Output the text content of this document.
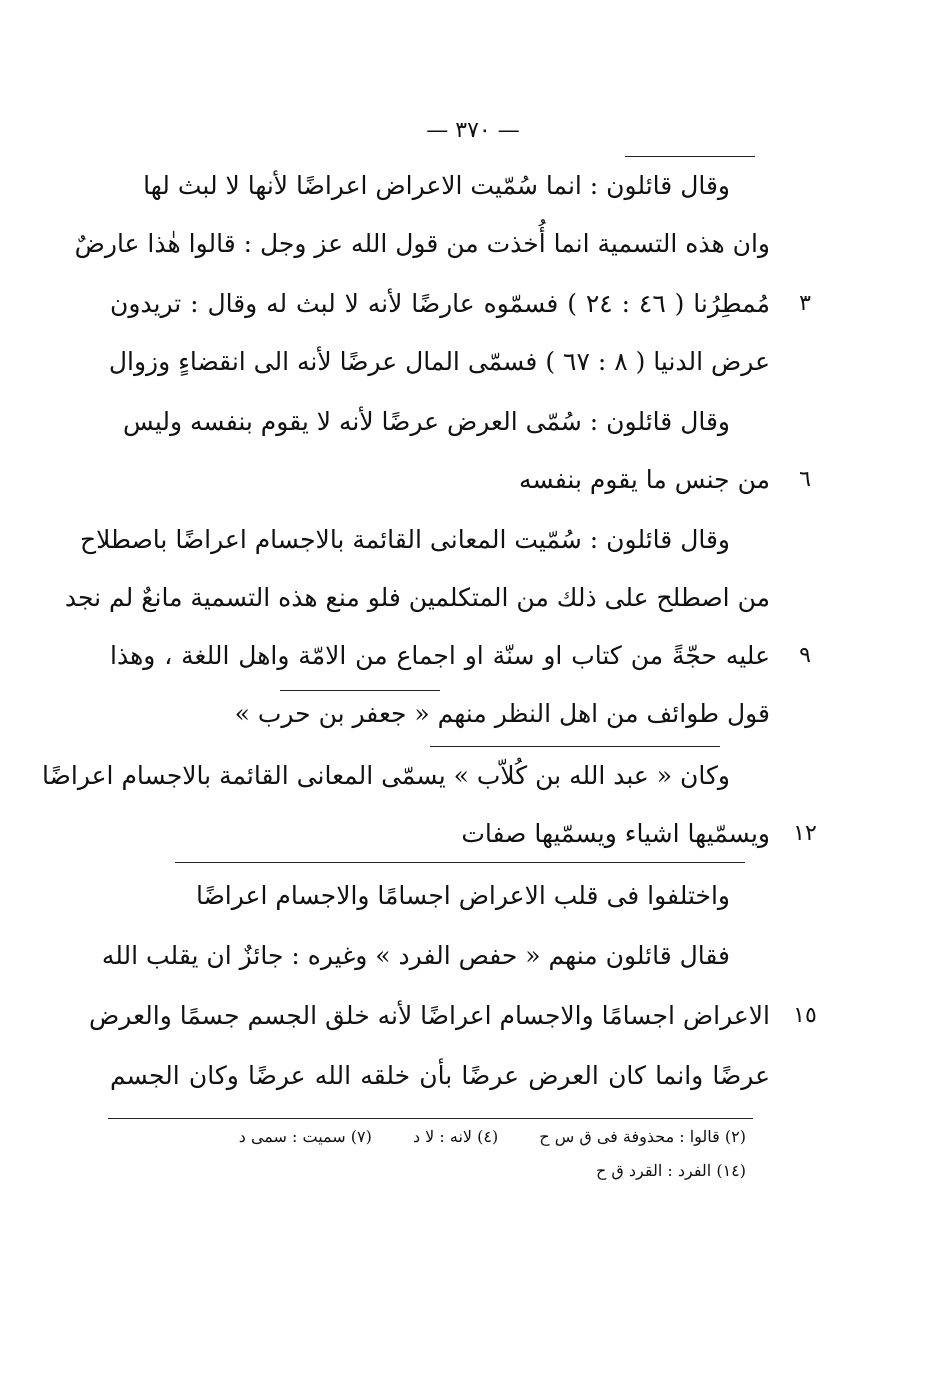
— ٣٧٠ —
وقال قائلون : انما سُمّيت الاعراض اعراضًا لأنها لا لبث لها
وان هذه التسمية انما أُخذت من قول الله عز وجل : قالوا هٰذا عارضٌ
مُمطِرُنا ( ٤٦ : ٢٤ ) فسمّوه عارضًا لأنه لا لبث له وقال : تريدون
عرض الدنيا ( ٨ : ٦٧ ) فسمّى المال عرضًا لأنه الى انقضاءٍ وزوال
وقال قائلون : سُمّى العرض عرضًا لأنه لا يقوم بنفسه وليس
من جنس ما يقوم بنفسه
وقال قائلون : سُمّيت المعانى القائمة بالاجسام اعراضًا باصطلاح
من اصطلح على ذلك من المتكلمين فلو منع هذه التسمية مانعٌ لم نجد
عليه حجّةً من كتاب او سنّة او اجماع من الامّة واهل اللغة ، وهذا
قول طوائف من اهل النظر منهم « جعفر بن حرب »
وكان « عبد الله بن كُلاّب » يسمّى المعانى القائمة بالاجسام اعراضًا
ويسمّيها اشياء ويسمّيها صفات
واختلفوا فى قلب الاعراض اجسامًا والاجسام اعراضًا
فقال قائلون منهم « حفص الفرد » وغيره : جائزٌ ان يقلب الله
الاعراض اجسامًا والاجسام اعراضًا لأنه خلق الجسم جسمًا والعرض
عرضًا وانما كان العرض عرضًا بأن خلقه الله عرضًا وكان الجسم
٣
٦
٩
١٢
١٥
(٢) قالوا : محذوفة فى ق س ح (٤) لانه : لا د (٧) سميت : سمى د
(١٤) الفرد : القرد ق ح
